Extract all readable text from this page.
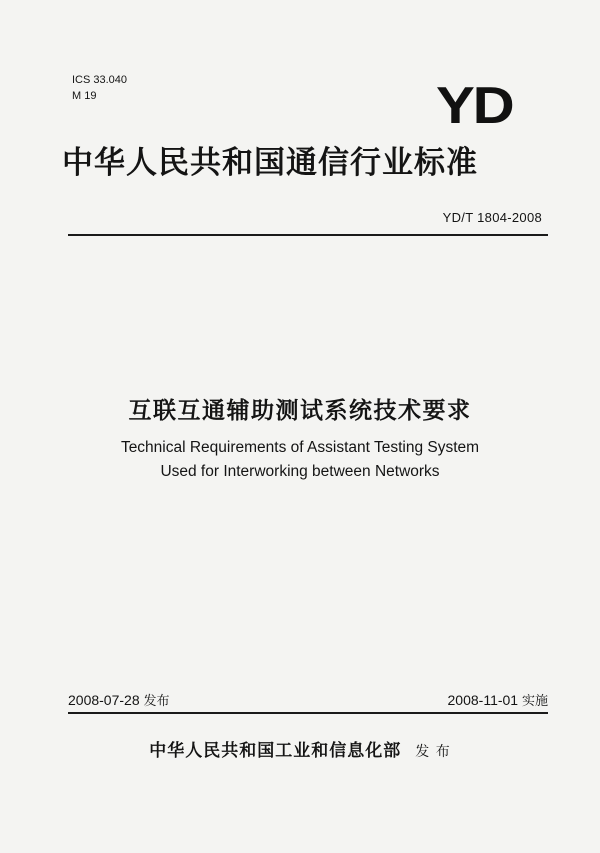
ICS 33.040
M 19	YD
中华人民共和国通信行业标准
YD/T 1804-2008
互联互通辅助测试系统技术要求
Technical Requirements of Assistant Testing System
Used for Interworking between Networks
2008-07-28 发布	2008-11-01 实施
中华人民共和国工业和信息化部 发 布
